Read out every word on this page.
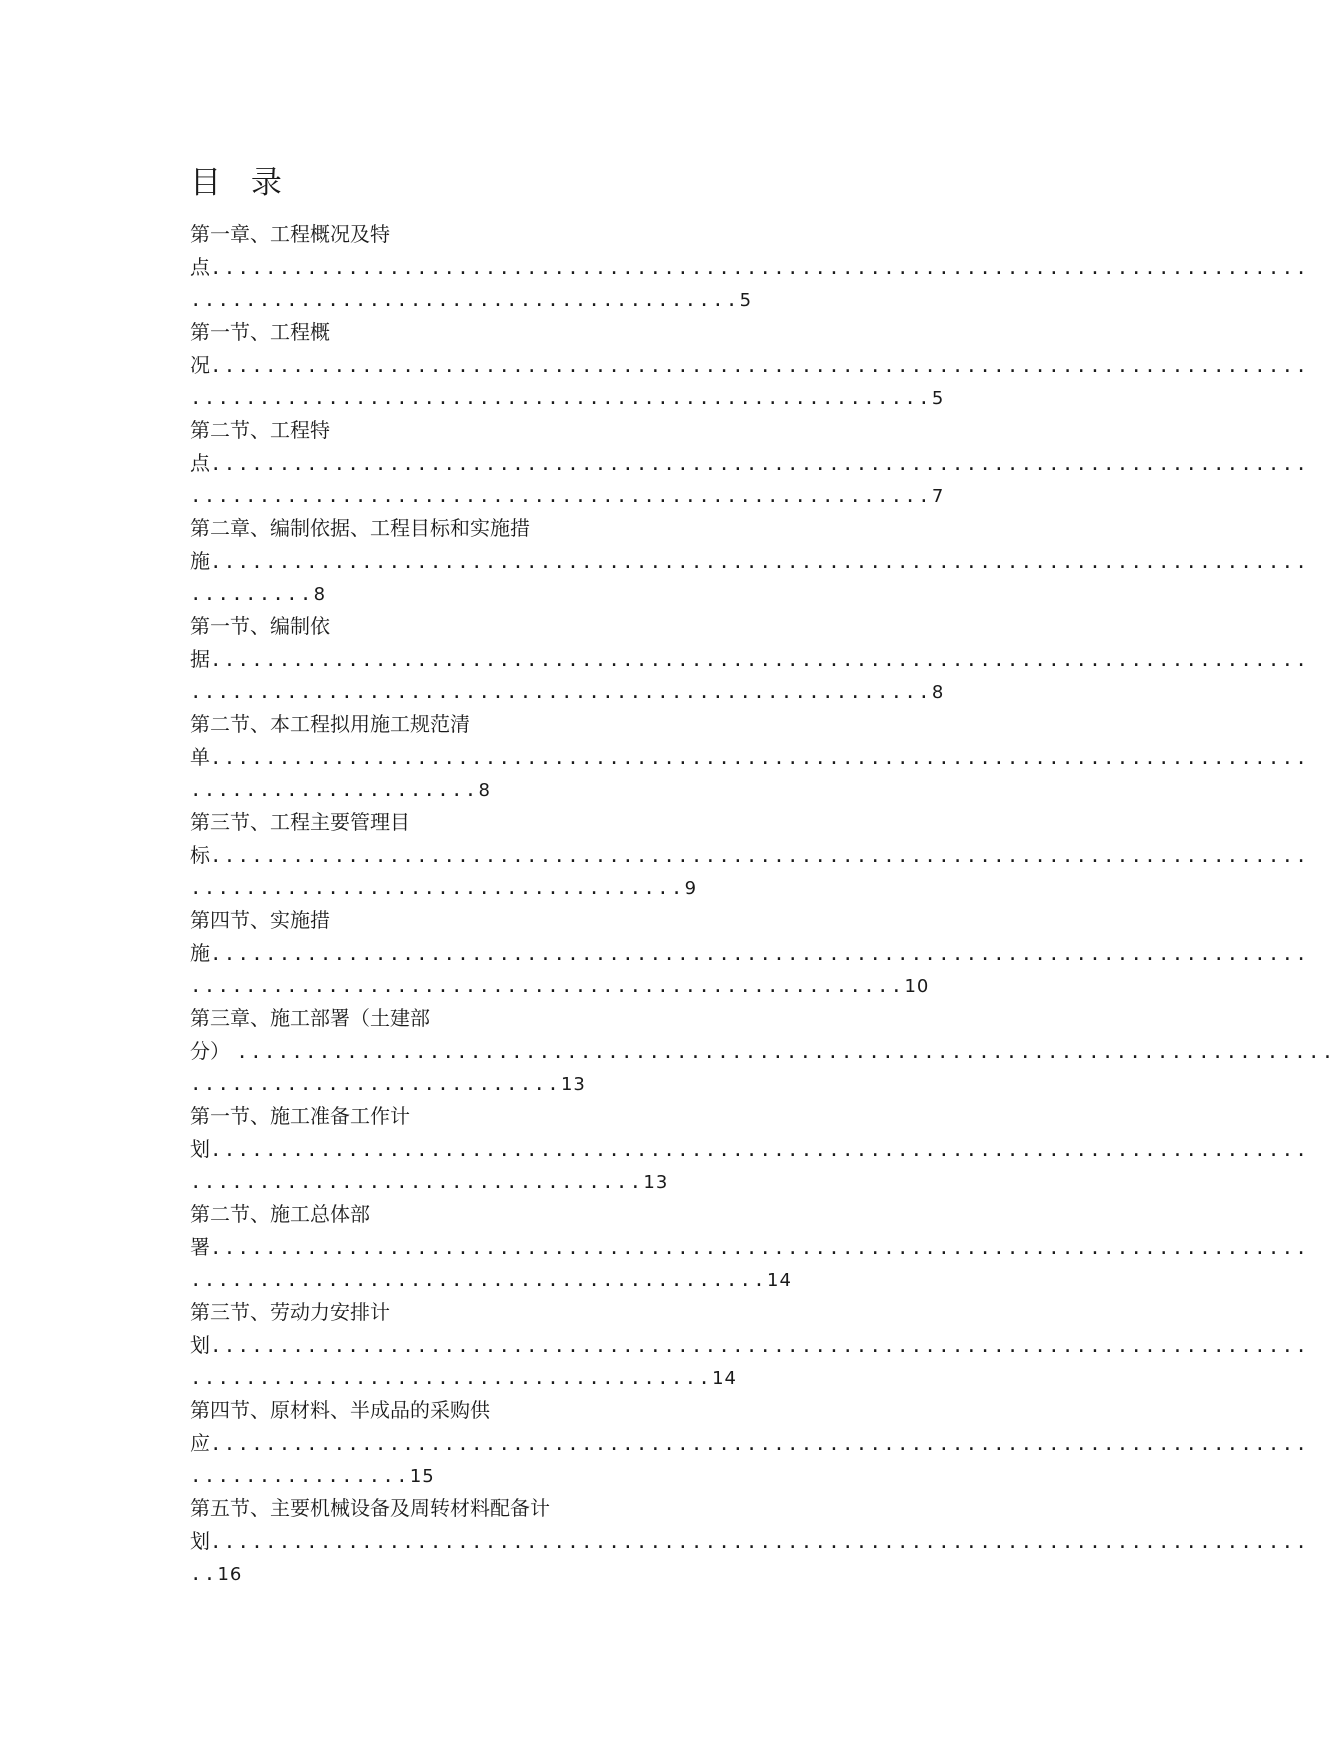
目 录
第一章、工程概况及特
点................................................................................
........................................5
第一节、工程概
况................................................................................
......................................................5
第二节、工程特
点................................................................................
......................................................7
第二章、编制依据、工程目标和实施措
施................................................................................
.........8
第一节、编制依
据................................................................................
......................................................8
第二节、本工程拟用施工规范清
单................................................................................
.....................8
第三节、工程主要管理目
标................................................................................
....................................9
第四节、实施措
施................................................................................
....................................................10
第三章、施工部署（土建部
分） ................................................................................
...........................13
第一节、施工准备工作计
划................................................................................
.................................13
第二节、施工总体部
署................................................................................
..........................................14
第三节、劳动力安排计
划................................................................................
......................................14
第四节、原材料、半成品的采购供
应................................................................................
................15
第五节、主要机械设备及周转材料配备计
划................................................................................
..16
